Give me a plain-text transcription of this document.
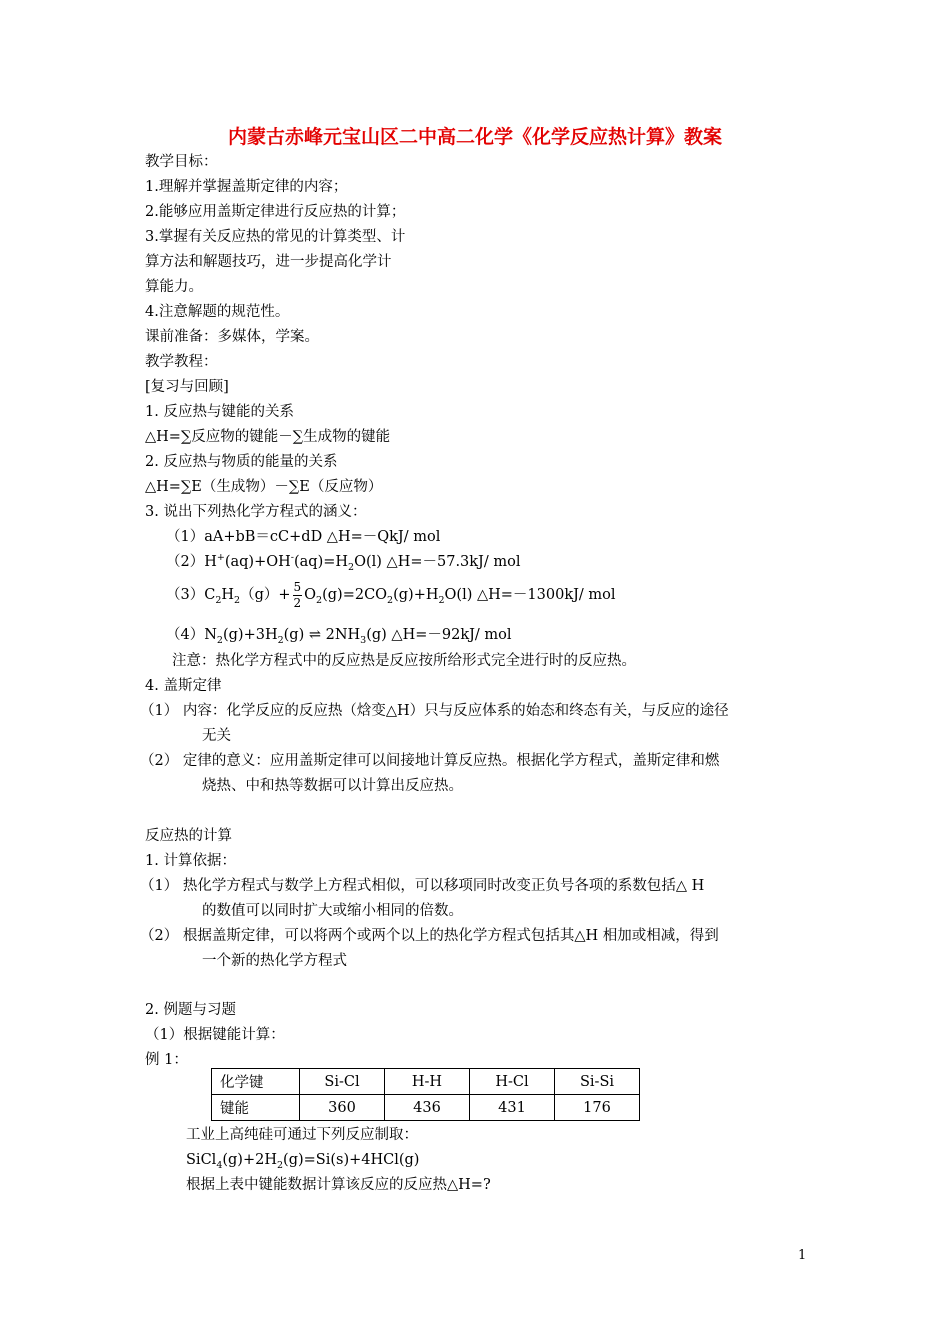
内蒙古赤峰元宝山区二中高二化学《化学反应热计算》教案
教学目标：
1.理解并掌握盖斯定律的内容；
2.能够应用盖斯定律进行反应热的计算；
3.掌握有关反应热的常见的计算类型、计
算方法和解题技巧，进一步提高化学计
算能力。
4.注意解题的规范性。
课前准备：多媒体，学案。
教学教程：
[复习与回顾]
1. 反应热与键能的关系
△H=∑反应物的键能－∑生成物的键能
2. 反应热与物质的能量的关系
△H=∑E（生成物）－∑E（反应物）
3. 说出下列热化学方程式的涵义：
（1）aA+bB＝cC+dD △H=－QkJ/ mol
$(2)H^+(aq)+OH^-(aq)=H_2O(l)$ △H=－57.3kJ/ mol
$(3)C_2H_2(g)+ \frac{5}{2} O_2(g)=2CO_2(g)+H_2O(l)$ △H=－1300kJ/ mol
$(4)N_2(g)+3H_2(g)$ ⇌ $2NH_3(g)$ △H=－92kJ/ mol
注意：热化学方程式中的反应热是反应按所给形式完全进行时的反应热。
4. 盖斯定律
（1） 内容：化学反应的反应热（焓变△H）只与反应体系的始态和终态有关，与反应的途径
无关
（2） 定律的意义：应用盖斯定律可以间接地计算反应热。根据化学方程式，盖斯定律和燃
烧热、中和热等数据可以计算出反应热。
反应热的计算
1. 计算依据：
（1） 热化学方程式与数学上方程式相似，可以移项同时改变正负号各项的系数包括△ H
的数值可以同时扩大或缩小相同的倍数。
（2） 根据盖斯定律，可以将两个或两个以上的热化学方程式包括其△H 相加或相减，得到
一个新的热化学方程式
2. 例题与习题
（1）根据键能计算：
例 1：
化学键	Si-Cl	H-H	H-Cl	Si-Si
键能	360	436	431	176
工业上高纯硅可通过下列反应制取：
$SiCl_4(g)+2H_2(g)=Si(s)+4HCl(g)$
根据上表中键能数据计算该反应的反应热△H=?
1
